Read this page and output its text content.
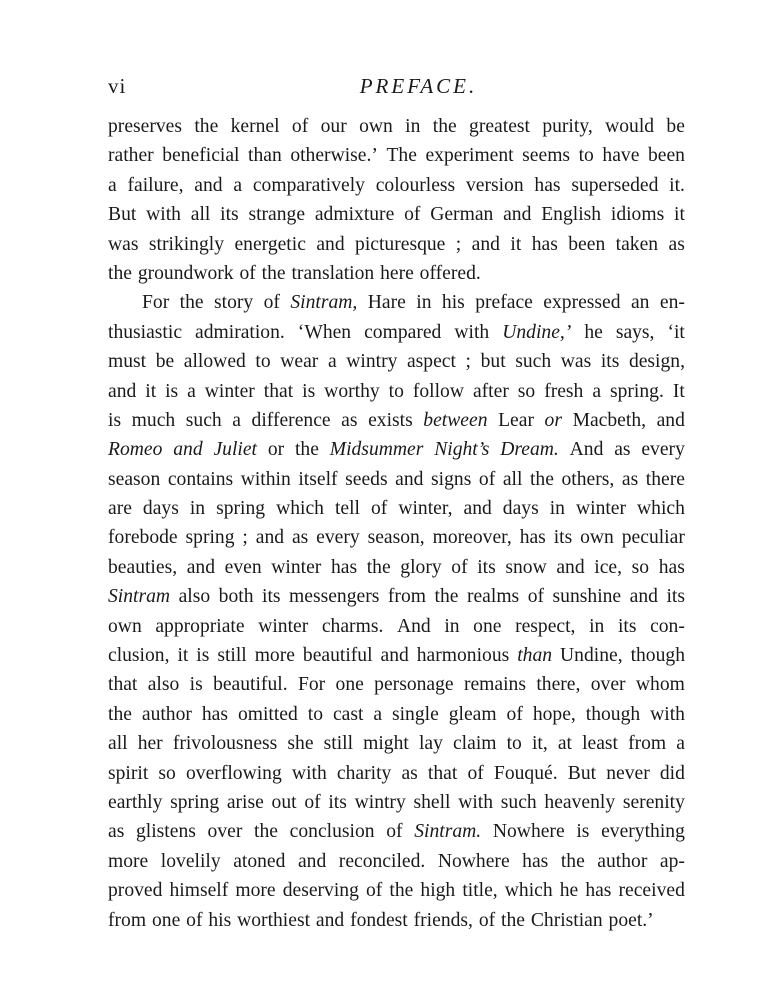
vi	PREFACE.
preserves the kernel of our own in the greatest purity, would be
rather beneficial than otherwise.’ The experiment seems to have been
a failure, and a comparatively colourless version has superseded it.
But with all its strange admixture of German and English idioms it
was strikingly energetic and picturesque ; and it has been taken as
the groundwork of the translation here offered.
For the story of Sintram, Hare in his preface expressed an en-
thusiastic admiration. ‘When compared with Undine,’ he says, ‘it
must be allowed to wear a wintry aspect ; but such was its design,
and it is a winter that is worthy to follow after so fresh a spring. It
is much such a difference as exists between Lear or Macbeth, and
Romeo and Juliet or the Midsummer Night’s Dream. And as every
season contains within itself seeds and signs of all the others, as there
are days in spring which tell of winter, and days in winter which
forebode spring ; and as every season, moreover, has its own peculiar
beauties, and even winter has the glory of its snow and ice, so has
Sintram also both its messengers from the realms of sunshine and its
own appropriate winter charms. And in one respect, in its con-
clusion, it is still more beautiful and harmonious than Undine, though
that also is beautiful. For one personage remains there, over whom
the author has omitted to cast a single gleam of hope, though with
all her frivolousness she still might lay claim to it, at least from a
spirit so overflowing with charity as that of Fouqué. But never did
earthly spring arise out of its wintry shell with such heavenly serenity
as glistens over the conclusion of Sintram. Nowhere is everything
more lovelily atoned and reconciled. Nowhere has the author ap-
proved himself more deserving of the high title, which he has received
from one of his worthiest and fondest friends, of the Christian poet.’
